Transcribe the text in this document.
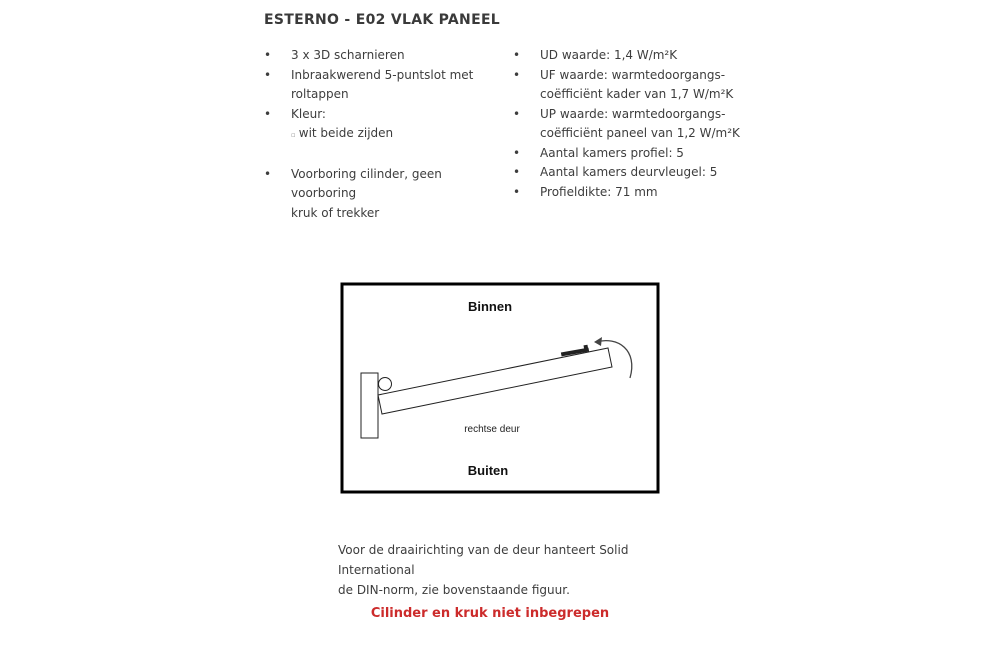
ESTERNO - E02 VLAK PANEEL
• 3 x 3D scharnieren
• Inbraakwerend 5-puntslot met
roltappen
• Kleur:
▫ wit beide zijden
• Voorboring cilinder, geen voorboring
kruk of trekker
• UD waarde: 1,4 W/m²K
• UF waarde: warmtedoorgangs-
coëfficiënt kader van 1,7 W/m²K
• UP waarde: warmtedoorgangs-
coëfficiënt paneel van 1,2 W/m²K
• Aantal kamers profiel: 5
• Aantal kamers deurvleugel: 5
• Profieldikte: 71 mm
Binnen
rechtse deur
Buiten
Voor de draairichting van de deur hanteert Solid International
de DIN-norm, zie bovenstaande figuur.
Cilinder en kruk niet inbegrepen
